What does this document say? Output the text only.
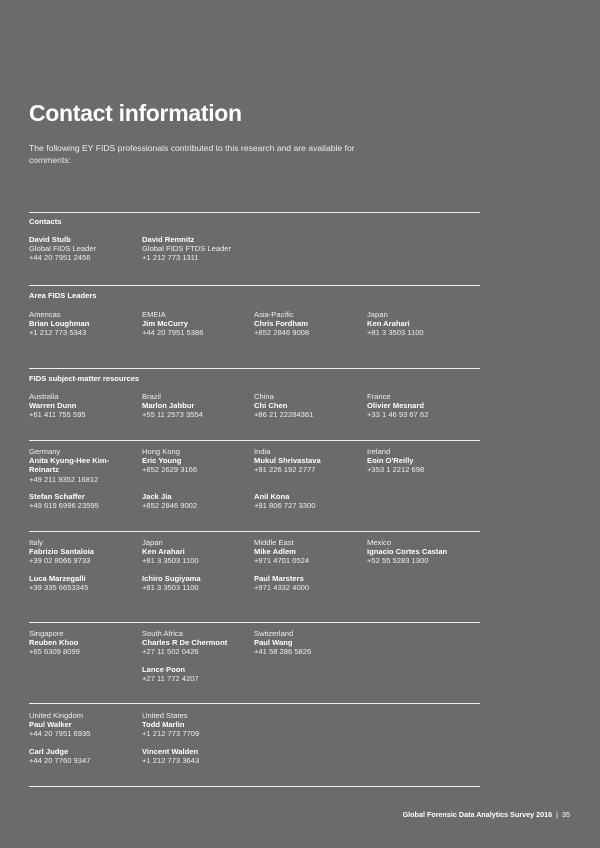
Contact information

The following EY FIDS professionals contributed to this research and are available for comments:

Contacts
David Stulb
Global FIDS Leader
+44 20 7951 2456
David Remnitz
Global FIDS FTDS Leader
+1 212 773 1311
Area FIDS Leaders
Americas
Brian Loughman
+1 212 773 5343
EMEIA
Jim McCurry
+44 20 7951 5386
Asia-Pacific
Chris Fordham
+852 2846 9008
Japan
Ken Arahari
+81 3 3503 1100
FIDS subject-matter resources
Australia
Warren Dunn
+61 411 755 595
Brazil
Marlon Jabbur
+55 11 2573 3554
China
Chi Chen
+86 21 22284361
France
Olivier Mesnard
+33 1 46 93 67 62
Germany
Anita Kyung-Hee Kim-Reinartz
+49 211 9352 16812
Hong Kong
Eric Young
+852 2629 3166
India
Mukul Shrivastava
+91 226 192 2777
Ireland
Eoin O'Reilly
+353 1 2212 698
Stefan Schaffer
+49 619 6996 23595
Jack Jia
+852 2846 9002
Anil Kona
+91 806 727 3300
Italy
Fabrizio Santaloia
+39 02 8066 9733
Japan
Ken Arahari
+81 3 3503 1100
Middle East
Mike Adlem
+971 4701 0524
Mexico
Ignacio Cortes Castan
+52 55 5283 1300
Luca Marzegalli
+39 335 6653345
Ichiro Sugiyama
+81 3 3503 1100
Paul Marsters
+971 4332 4000
Singapore
Reuben Khoo
+65 6309 8099
South Africa
Charles R De Chermont
+27 11 502 0426
Switzerland
Paul Wang
+41 58 286 5826
Lance Poon
+27 11 772 4207
United Kingdom
Paul Walker
+44 20 7951 6935
United States
Todd Marlin
+1 212 773 7709
Carl Judge
+44 20 7760 9347
Vincent Walden
+1 212 773 3643
Global Forensic Data Analytics Survey 2016 | 35
